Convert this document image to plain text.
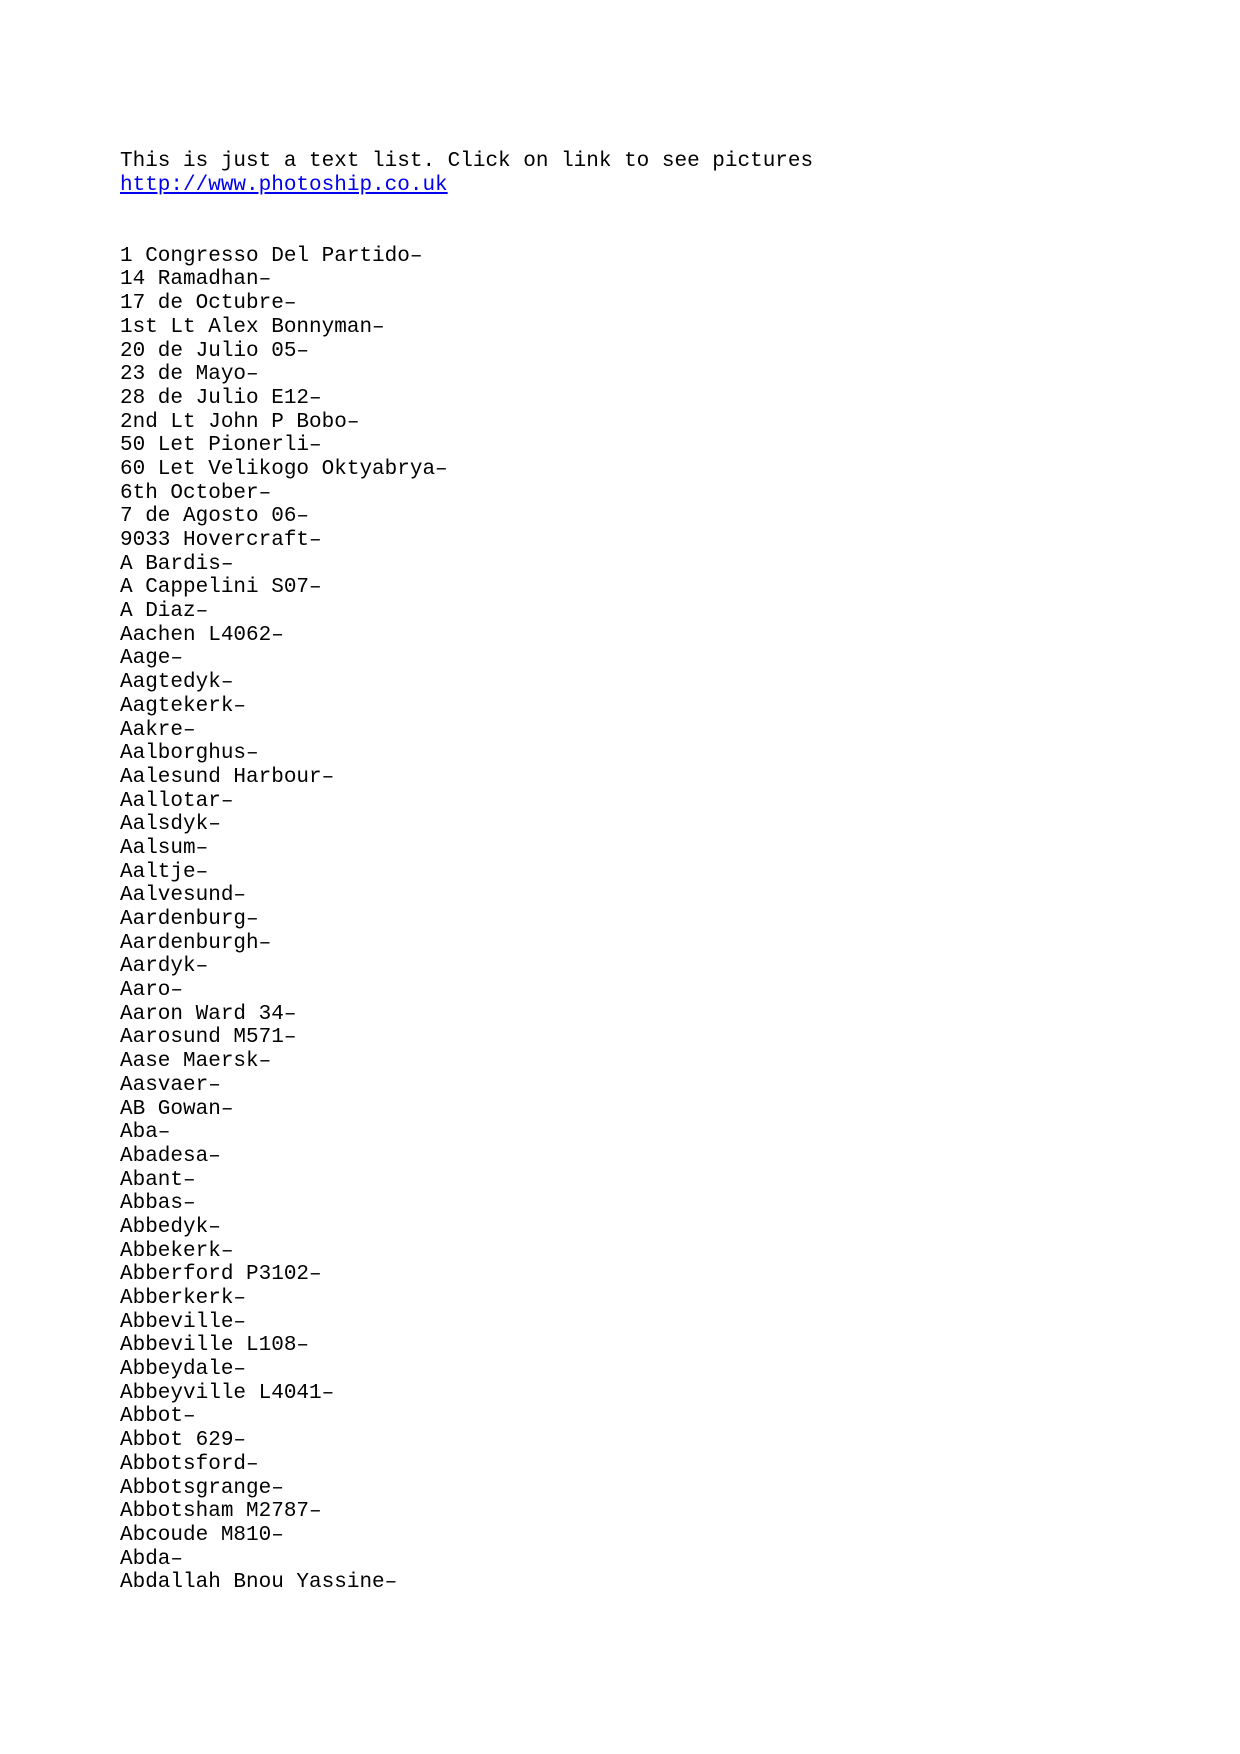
This is just a text list. Click on link to see pictures

http://www.photoship.co.uk
1 Congresso Del Partido–
14 Ramadhan–
17 de Octubre–
1st Lt Alex Bonnyman–
20 de Julio 05–
23 de Mayo–
28 de Julio E12–
2nd Lt John P Bobo–
50 Let Pionerli–
60 Let Velikogo Oktyabrya–
6th October–
7 de Agosto 06–
9033 Hovercraft–
A Bardis–
A Cappelini S07–
A Diaz–
Aachen L4062–
Aage–
Aagtedyk–
Aagtekerk–
Aakre–
Aalborghus–
Aalesund Harbour–
Aallotar–
Aalsdyk–
Aalsum–
Aaltje–
Aalvesund–
Aardenburg–
Aardenburgh–
Aardyk–
Aaro–
Aaron Ward 34–
Aarosund M571–
Aase Maersk–
Aasvaer–
AB Gowan–
Aba–
Abadesa–
Abant–
Abbas–
Abbedyk–
Abbekerk–
Abberford P3102–
Abberkerk–
Abbeville–
Abbeville L108–
Abbeydale–
Abbeyville L4041–
Abbot–
Abbot 629–
Abbotsford–
Abbotsgrange–
Abbotsham M2787–
Abcoude M810–
Abda–
Abdallah Bnou Yassine–
